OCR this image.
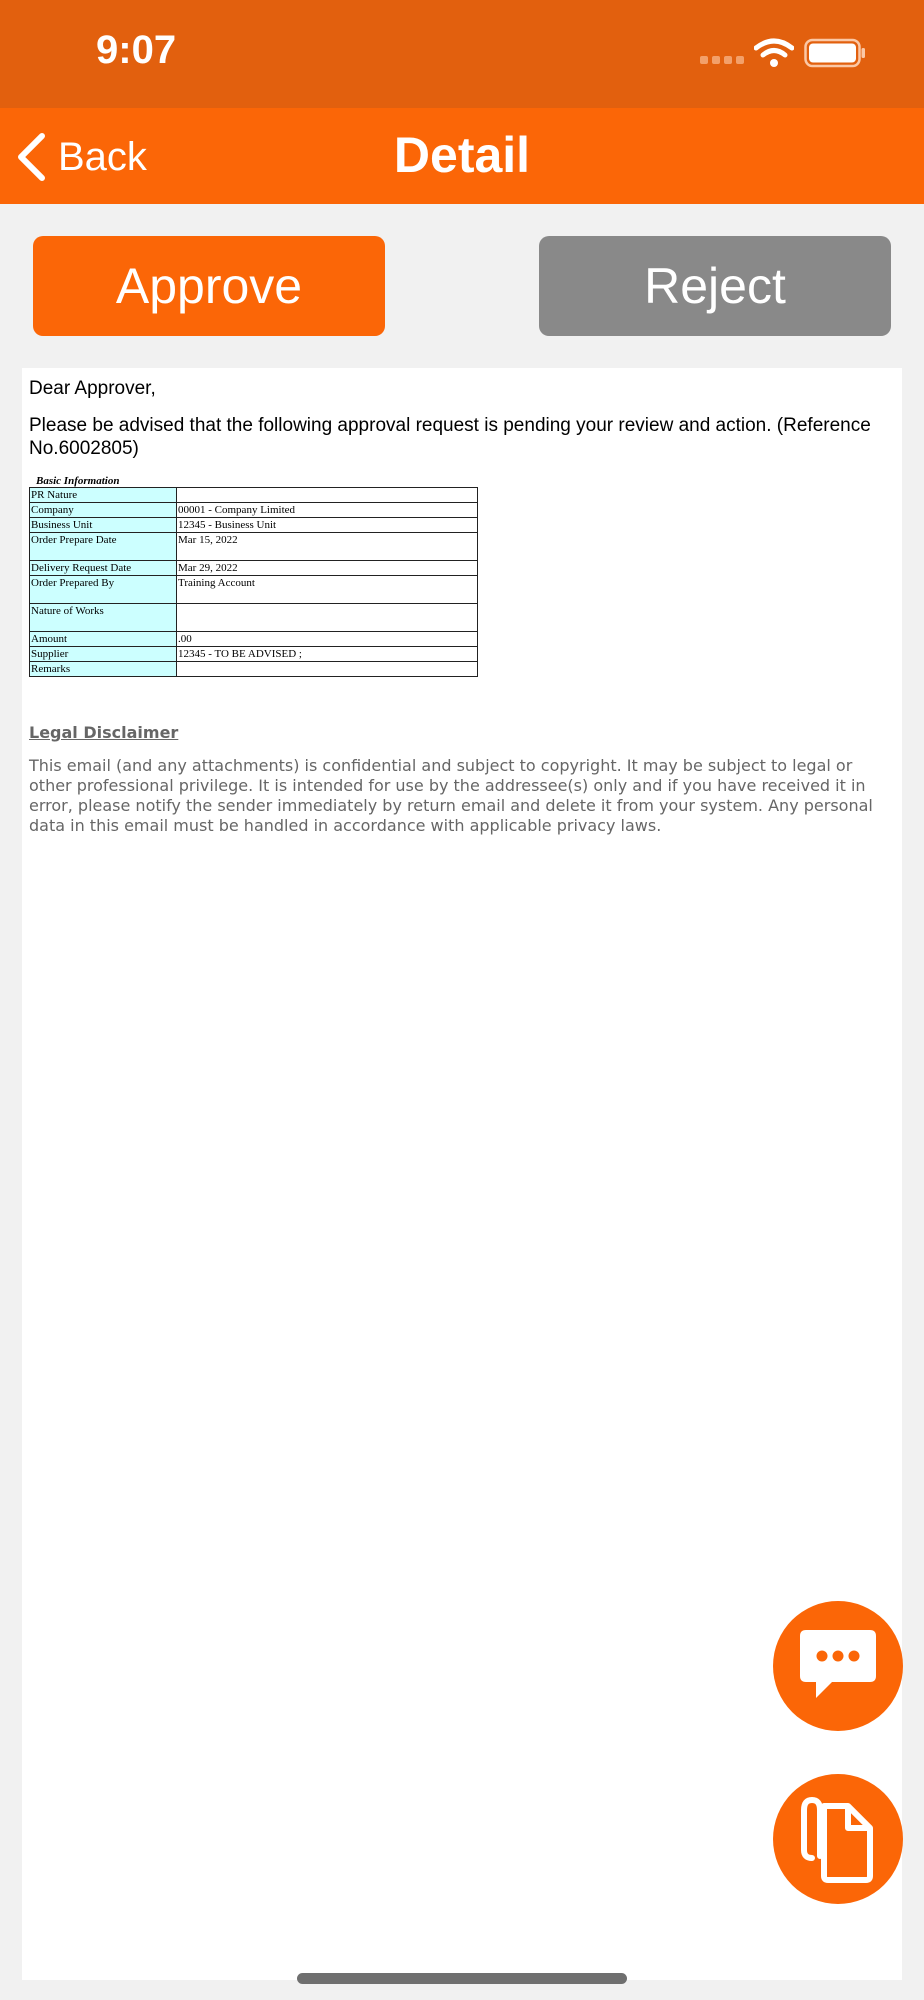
9:07
Back	Detail
Approve	Reject
Dear Approver,
Please be advised that the following approval request is pending your review and action. (Reference No.6002805)
Basic Information
PR Nature	
Company	00001 - Company Limited
Business Unit	12345 - Business Unit
Order Prepare Date	Mar 15, 2022
Delivery Request Date	Mar 29, 2022
Order Prepared By	Training Account
Nature of Works	
Amount	.00
Supplier	12345 - TO BE ADVISED ;
Remarks	
Legal Disclaimer
This email (and any attachments) is confidential and subject to copyright. It may be subject to legal or other professional privilege. It is intended for use by the addressee(s) only and if you have received it in error, please notify the sender immediately by return email and delete it from your system. Any personal data in this email must be handled in accordance with applicable privacy laws.
